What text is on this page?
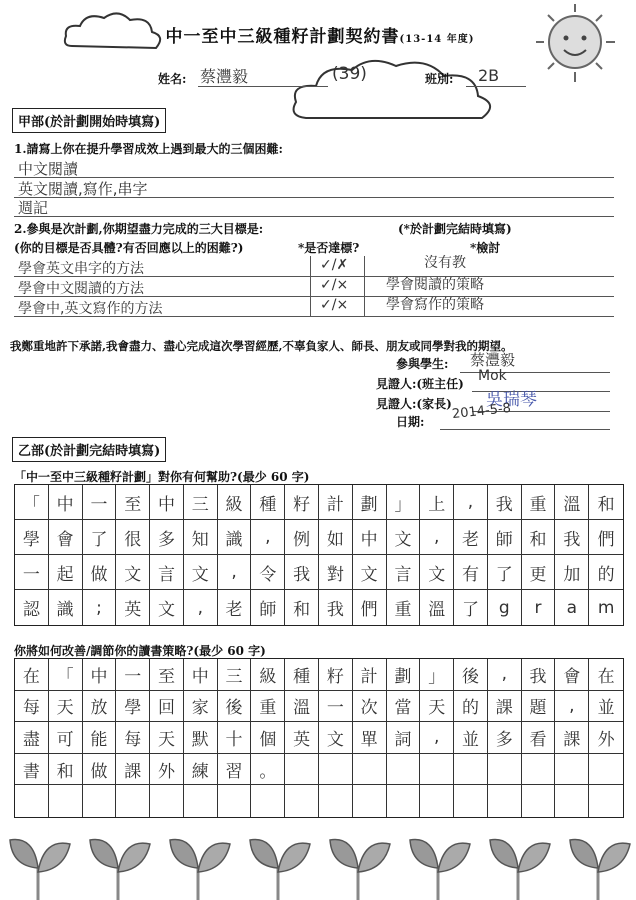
中一至中三級種籽計劃契約書(13-14 年度)
姓名: 蔡灃毅	(39)	班別: 2B
甲部(於計劃開始時填寫)
1.請寫上你在提升學習成效上遇到最大的三個困難:
中文閱讀
英文閱讀,寫作,串字
週記
2.參與是次計劃,你期望盡力完成的三大目標是:	(*於計劃完結時填寫)
(你的目標是否具體?有否回應以上的困難?)	*是否達標?	*檢討
學會英文串字的方法	✓/✗	沒有教
學會中文閱讀的方法	✓/×	學會閱讀的策略
學會中,英文寫作的方法	✓/×	學會寫作的策略
我鄭重地許下承諾,我會盡力、盡心完成這次學習經歷,不辜負家人、師長、朋友或同學對我的期望。
參與學生: 蔡灃毅
見證人:(班主任) Mok
見證人:(家長) 吳瑞琴
日期: 2014-5-8
乙部(於計劃完結時填寫)
「中一至中三級種籽計劃」對你有何幫助?(最少 60 字)
「 中 一 至 中 三 級 種 籽 計 劃 」 上	,	我 重 溫	和
學 會 了 很 多 知 識	,	例 如 中 文	,	老 師 和 我	們
一 起 做 文 言 文	,	令 我 對 文 言 文 有 了 更 加	的
認 識	;	英 文	,	老 師 和 我 們 重 溫 了	g	r	a	m
你將如何改善/調節你的讀書策略?(最少 60 字)
在 「 中 一 至 中 三 級 種 籽 計 劃 」 後	,	我 會	在
每 天 放 學 回 家 後 重 溫 一 次 當 天 的 課 題	,	並
盡 可 能 每 天 默 十 個 英 文 單 詞	,	並 多 看 課	外
書 和 做 課 外 練 習 。
